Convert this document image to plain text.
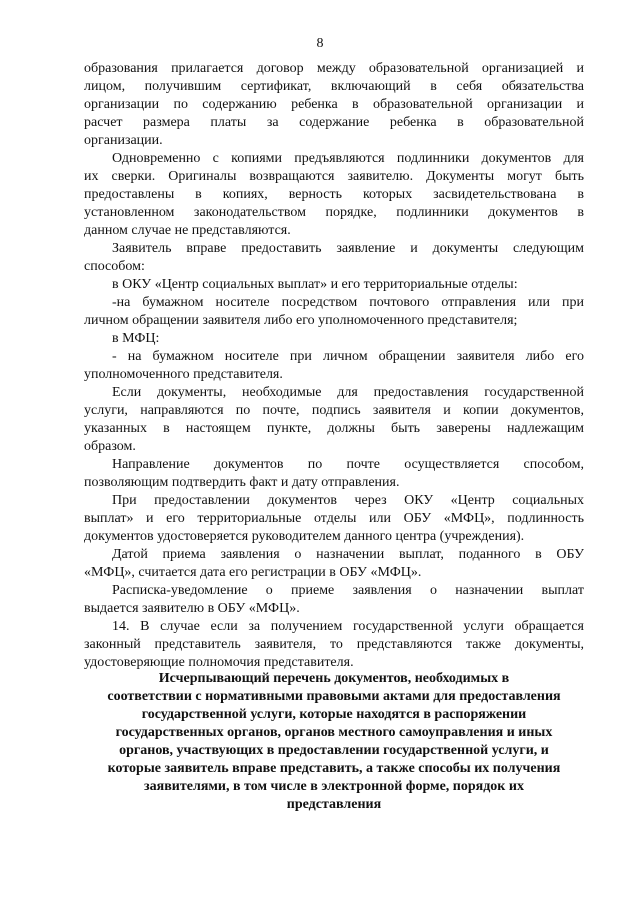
8
образования прилагается договор между образовательной организацией и
лицом, получившим сертификат, включающий в себя обязательства
организации по содержанию ребенка в образовательной организации и
расчет размера платы за содержание ребенка в образовательной
организации.
Одновременно с копиями предъявляются подлинники документов для
их сверки. Оригиналы возвращаются заявителю. Документы могут быть
предоставлены в копиях, верность которых засвидетельствована в
установленном законодательством порядке, подлинники документов в
данном случае не представляются.
Заявитель вправе предоставить заявление и документы следующим
способом:
в ОКУ «Центр социальных выплат» и его территориальные отделы:
-на бумажном носителе посредством почтового отправления или при
личном обращении заявителя либо его уполномоченного представителя;
в МФЦ:
- на бумажном носителе при личном обращении заявителя либо его
уполномоченного представителя.
Если документы, необходимые для предоставления государственной
услуги, направляются по почте, подпись заявителя и копии документов,
указанных в настоящем пункте, должны быть заверены надлежащим
образом.
Направление документов по почте осуществляется способом,
позволяющим подтвердить факт и дату отправления.
При предоставлении документов через ОКУ «Центр социальных
выплат» и его территориальные отделы или ОБУ «МФЦ», подлинность
документов удостоверяется руководителем данного центра (учреждения).
Датой приема заявления о назначении выплат, поданного в ОБУ
«МФЦ», считается дата его регистрации в ОБУ «МФЦ».
Расписка-уведомление о приеме заявления о назначении выплат
выдается заявителю в ОБУ «МФЦ».
14. В случае если за получением государственной услуги обращается
законный представитель заявителя, то представляются также документы,
удостоверяющие полномочия представителя.
Исчерпывающий перечень документов, необходимых в
соответствии с нормативными правовыми актами для предоставления
государственной услуги, которые находятся в распоряжении
государственных органов, органов местного самоуправления и иных
органов, участвующих в предоставлении государственной услуги, и
которые заявитель вправе представить, а также способы их получения
заявителями, в том числе в электронной форме, порядок их
представления
